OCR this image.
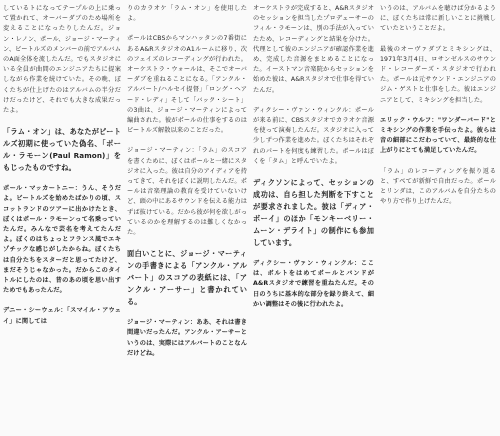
しているトになってテープルの上に乗って置かれて、オーバーダブのため場所を変えることになったりしたんだ。ジョン・レノン、ポール、ジョージ・マーティン、ビートルズのメンバーの前でアルバムのA面全体を流したんだ。でもスタジオにいる全員が曲間のエンジニアたちに提案しながら作業を続けていた。その晩、ぼくたちが仕上げたのはアルバムの半分だけだったけど、それでも大きな成果だったよ。

「ラム・オン」は、あなたがビートルズ初期に使っていた偽名、「ポール・ラモーン(Paul Ramon)」をもじったものですね。

ポール・マッカートニー：うん、そうだよ。ビートルズを始めたばかりの頃、スコットランドのツアーに出かけたとき、ぼくはポール・ラモーンって名乗っていたんだ。みんなで芸名を考えてたんだよ。ぼくのはちょっとフランス風でエキゾチックな感じがしたからね。ぼくたちは自分たちをスターだと思ってたけど、まだそうじゃなかった。だからこのタイトルにしたのは、昔のあの頃を思い出すためでもあったんだ。

デニー・シーウェル：「スマイル・アウェイ」に関しては

りのカラオケ「ラム・オン」を使用したよ。

ポールはCBSからマンハッタンの7番街にあるA&RスタジオのA1ルームに移り、次のフェイズのレコーディングが行われた。オーケストラ・ウォールは、そこでオーバーダブを重ねることになる。「アンクル・アルバート/ハルセイ提督」「ロング・ヘアード・レディ」そして「バック・シート」の3曲は、ジョージ・マーティンによって編曲された。彼がポールの仕事をするのはビートルズ解散以来のことだった。

ジョージ・マーティン：「ラム」のスコアを書くために、ぼくはポールと一緒にスタジオに入った。彼は自分のアイディアを持ってきて、それをぼくに説明したんだ。ポールは音楽理論の教育を受けていないけど、頭の中にあるサウンドを伝える能力はずば抜けている。だから彼が何を欲しがっているのかを理解するのは難しくなかった。

面白いことに、ジョージ・マーティンの手書きによる「アンクル・アルバート」のスコアの表紙には、「アンクル・アーサー」と書かれている。

ジョージ・マーティン：ああ、それは書き間違いだったんだ。アンクル・アーサーというのは、実際にはアルバートのことなんだけどね。

オーケストラが完成すると、A&Rスタジオのセッションを担当したプロデューサーのフィル・ラモーンは、別の手法が入っていたため、レコーディングと結果を分けた。代理として彼のエンジニアが確認作業を進め、完成した音源をまとめることになった。イーストマン音楽院からセッションを始めた彼は、A&Rスタジオで仕事を得ていたんだ。

ディクシー・ヴァン・ウィンクル：ポールが来る前に、CBSスタジオでカラオケ音源を使って演奏したんだ。スタジオに入って少しずつ作業を進めた。ぼくたちはそれぞれのパートを何度も練習した。ポールはぼくを「タム」と呼んでいたよ。

ディクソンによって、セッションの成功は、自ら担した判断を下すことが要求されました。彼は「ディア・ボーイ」のほか「モンキーベリー・ムーン・デライト」の制作にも参加しています。

ディクシー・ヴァン・ウィンクル：ここは、ボルトをはめてポールとバンドがA&Rスタジオで練習を重ねたんだ。その日のうちに基本的な部分を録り終えて、細かい調整はその後に行われたよ。

いうのは、アルバムを聴けば分かるように、ぼくたちは常に新しいことに挑戦していたということだよ。

最後のオーヴァダブとミキシングは、1971年3月4日、ロサンゼルスのサウンド・レコーダーズ・スタジオで行われた。ポールは元サウンド・エンジニアのジム・ゲストと仕事をした。彼はエンジニアとして、ミキシングを担当した。

エリック・ウルフ："ワンダーバード"とミキシングの作業を手伝ったよ。彼らは音の細部にこだわっていて、最終的な仕上がりにとても満足していたんだ。

「ラム」のレコーディングを振り返ると、すべてが新鮮で自由だった。ポールとリンダは、このアルバムを自分たちのやり方で作り上げたんだ。
